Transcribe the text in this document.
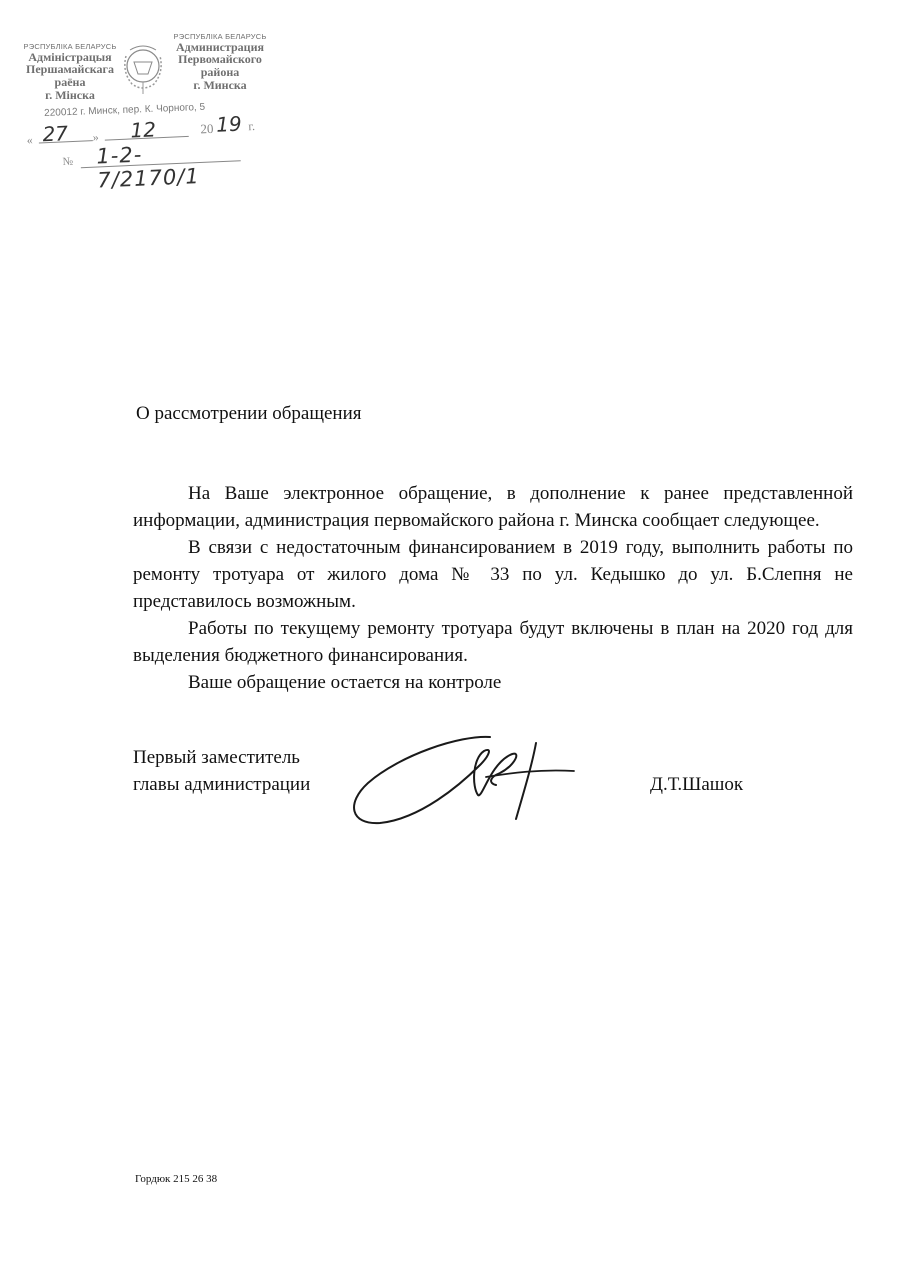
РЭСПУБЛІКА БЕЛАРУСЬ
Адміністрацыя
Першамайскага
раёна
г. Мінска
РЭСПУБЛІКА БЕЛАРУСЬ
Администрация
Первомайского
района
г. Минска
220012 г. Минск, пер. К. Чорного, 5
« 27 » 12	20 19 г.
№ 1-2-7/2170/1
О рассмотрении обращения

На Ваше электронное обращение, в дополнение к ранее представленной информации, администрация первомайского района г. Минска сообщает следующее.

В связи с недостаточным финансированием в 2019 году, выполнить работы по ремонту тротуара от жилого дома № 33 по ул. Кедышко до ул. Б.Слепня не представилось возможным.

Работы по текущему ремонту тротуара будут включены в план на 2020 год для выделения бюджетного финансирования.

Ваше обращение остается на контроле

Первый заместитель
главы администрации	Д.Т.Шашок
Гордюк 215 26 38
